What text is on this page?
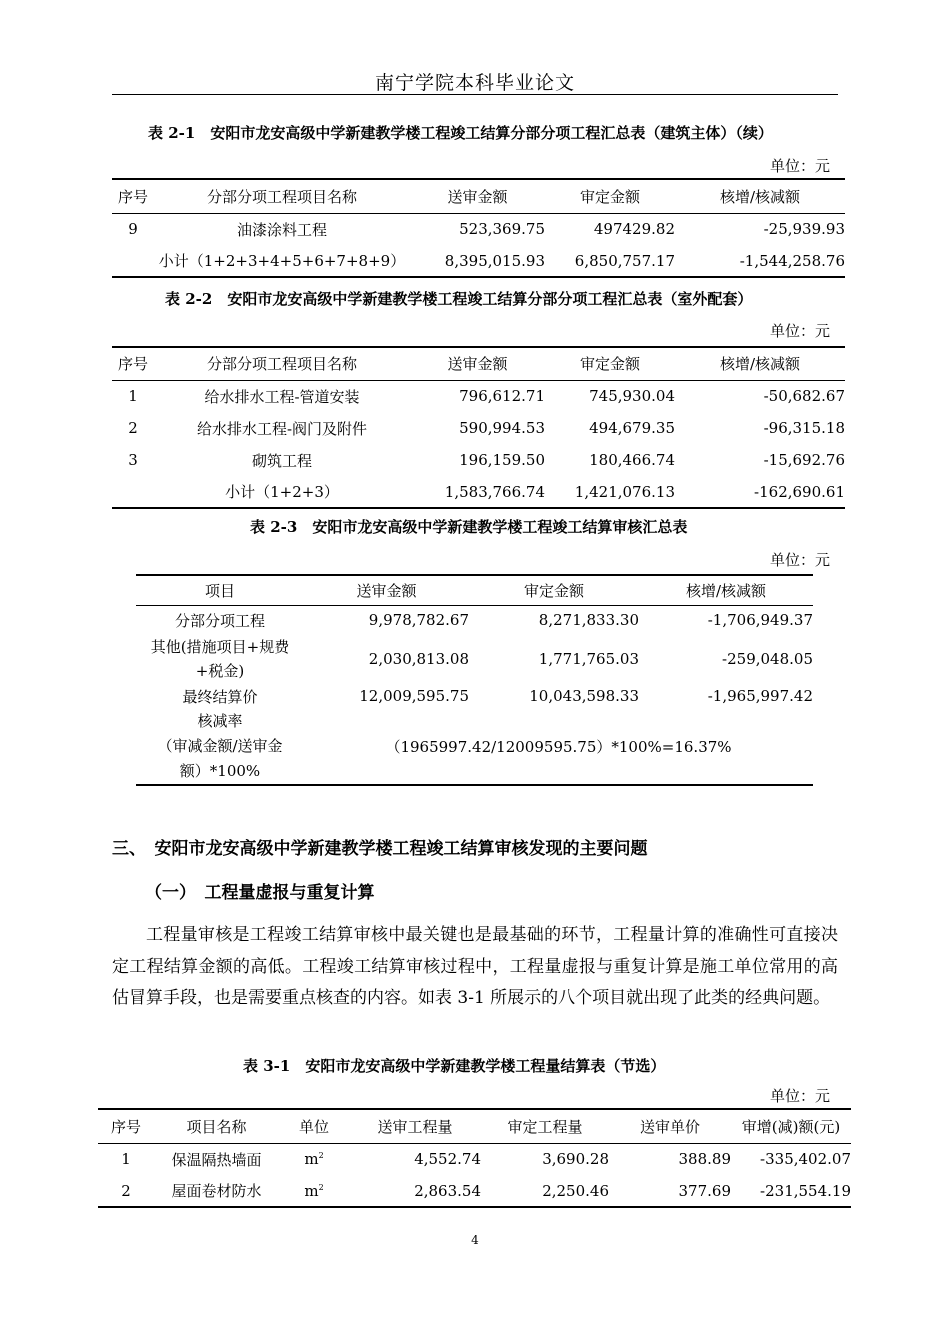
南宁学院本科毕业论文
表 2-1　安阳市龙安高级中学新建教学楼工程竣工结算分部分项工程汇总表（建筑主体）（续）
单位：元
序号	分部分项工程项目名称	送审金额	审定金额	核增/核减额
9	油漆涂料工程	523,369.75	497429.82	-25,939.93
	小计（1+2+3+4+5+6+7+8+9）	8,395,015.93	6,850,757.17	-1,544,258.76
表 2-2　安阳市龙安高级中学新建教学楼工程竣工结算分部分项工程汇总表（室外配套）
单位：元
序号	分部分项工程项目名称	送审金额	审定金额	核增/核减额
1	给水排水工程-管道安装	796,612.71	745,930.04	-50,682.67
2	给水排水工程-阀门及附件	590,994.53	494,679.35	-96,315.18
3	砌筑工程	196,159.50	180,466.74	-15,692.76
	小计（1+2+3）	1,583,766.74	1,421,076.13	-162,690.61
表 2-3　安阳市龙安高级中学新建教学楼工程竣工结算审核汇总表
单位：元
项目	送审金额	审定金额	核增/核减额
分部分项工程	9,978,782.67	8,271,833.30	-1,706,949.37

其他(措施项目+规费
+税金)	2,030,813.08	1,771,765.03	-259,048.05
最终结算价	12,009,595.75	10,043,598.33	-1,965,997.42

核减率
（审减金额/送审金
额）*100%	（1965997.42/12009595.75）*100%=16.37%		
三、　安阳市龙安高级中学新建教学楼工程竣工结算审核发现的主要问题
（一）　工程量虚报与重复计算

工程量审核是工程竣工结算审核中最关键也是最基础的环节，工程量计算的准确性可直接决定工程结算金额的高低。工程竣工结算审核过程中，工程量虚报与重复计算是施工单位常用的高估冒算手段，也是需要重点核查的内容。如表 3-1 所展示的八个项目就出现了此类的经典问题。

表 3-1　安阳市龙安高级中学新建教学楼工程量结算表（节选）
单位：元
序号	项目名称	单位	送审工程量	审定工程量	送审单价	审增(减)额(元)
1	保温隔热墙面	$m^2$	4,552.74	3,690.28	388.89	-335,402.07
2	屋面卷材防水	$m^2$	2,863.54	2,250.46	377.69	-231,554.19
4
